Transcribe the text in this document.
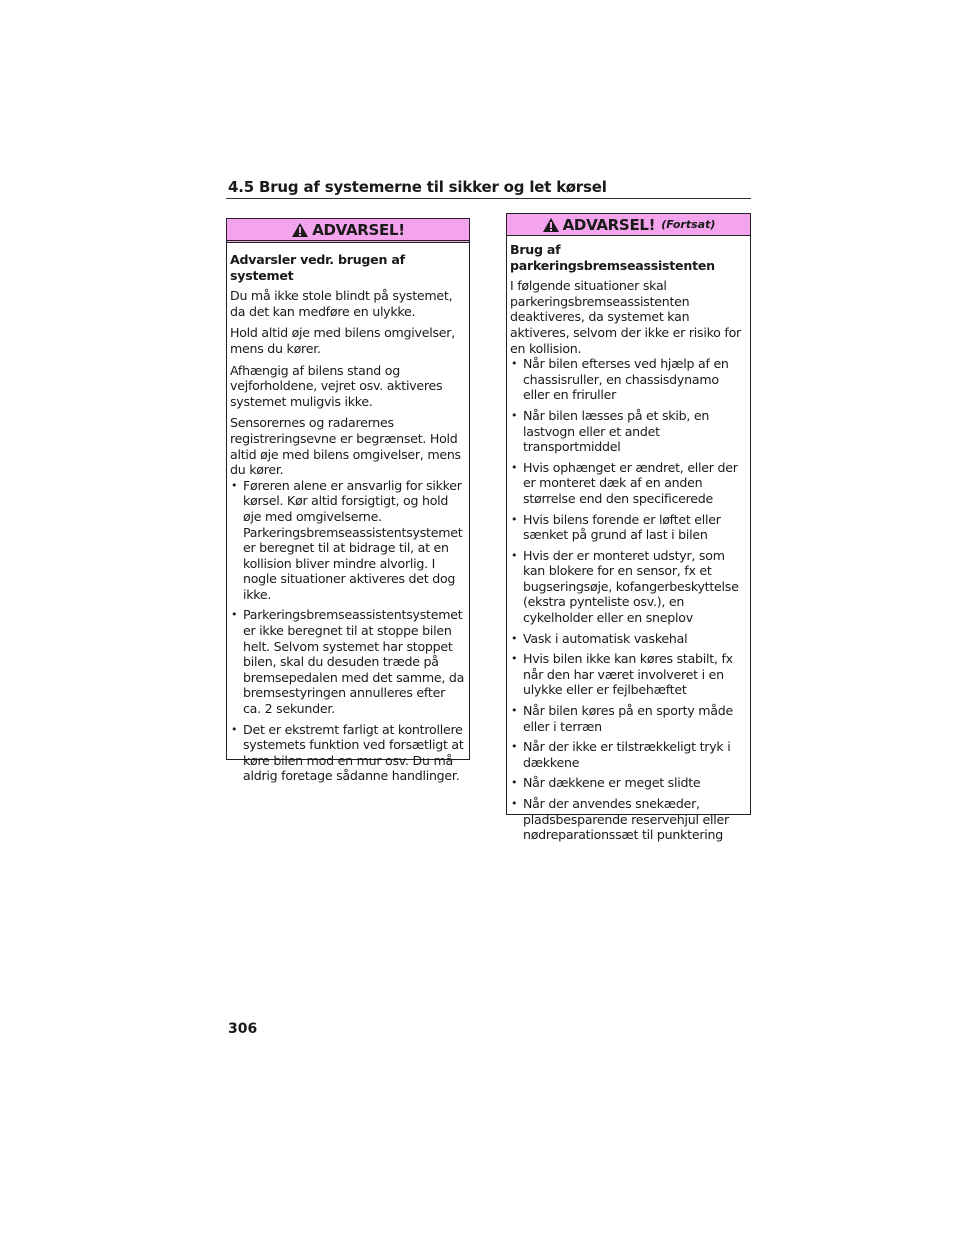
4.5 Brug af systemerne til sikker og let kørsel
ADVARSEL!

Advarsler vedr. brugen af systemet

Du må ikke stole blindt på systemet, da det kan medføre en ulykke.

Hold altid øje med bilens omgivelser, mens du kører.

Afhængig af bilens stand og vejforholdene, vejret osv. aktiveres systemet muligvis ikke.

Sensorernes og radarernes registreringsevne er begrænset. Hold altid øje med bilens omgivelser, mens du kører.

• Føreren alene er ansvarlig for sikker kørsel. Kør altid forsigtigt, og hold øje med omgivelserne. Parkeringsbremseassistentsystemet er beregnet til at bidrage til, at en kollision bliver mindre alvorlig. I nogle situationer aktiveres det dog ikke.
• Parkeringsbremseassistentsystemet er ikke beregnet til at stoppe bilen helt. Selvom systemet har stoppet bilen, skal du desuden træde på bremsepedalen med det samme, da bremsestyringen annulleres efter ca. 2 sekunder.
• Det er ekstremt farligt at kontrollere systemets funktion ved forsætligt at køre bilen mod en mur osv. Du må aldrig foretage sådanne handlinger.
ADVARSEL! (Fortsat)

Brug af parkeringsbremseassistenten

I følgende situationer skal parkeringsbremseassistenten deaktiveres, da systemet kan aktiveres, selvom der ikke er risiko for en kollision.

• Når bilen efterses ved hjælp af en chassisruller, en chassisdynamo eller en friruller
• Når bilen læsses på et skib, en lastvogn eller et andet transportmiddel
• Hvis ophænget er ændret, eller der er monteret dæk af en anden størrelse end den specificerede
• Hvis bilens forende er løftet eller sænket på grund af last i bilen
• Hvis der er monteret udstyr, som kan blokere for en sensor, fx et bugseringsøje, kofangerbeskyttelse (ekstra pynteliste osv.), en cykelholder eller en sneplov
• Vask i automatisk vaskehal
• Hvis bilen ikke kan køres stabilt, fx når den har været involveret i en ulykke eller er fejlbehæftet
• Når bilen køres på en sporty måde eller i terræn
• Når der ikke er tilstrækkeligt tryk i dækkene
• Når dækkene er meget slidte
• Når der anvendes snekæder, pladsbesparende reservehjul eller nødreparationssæt til punktering
306
